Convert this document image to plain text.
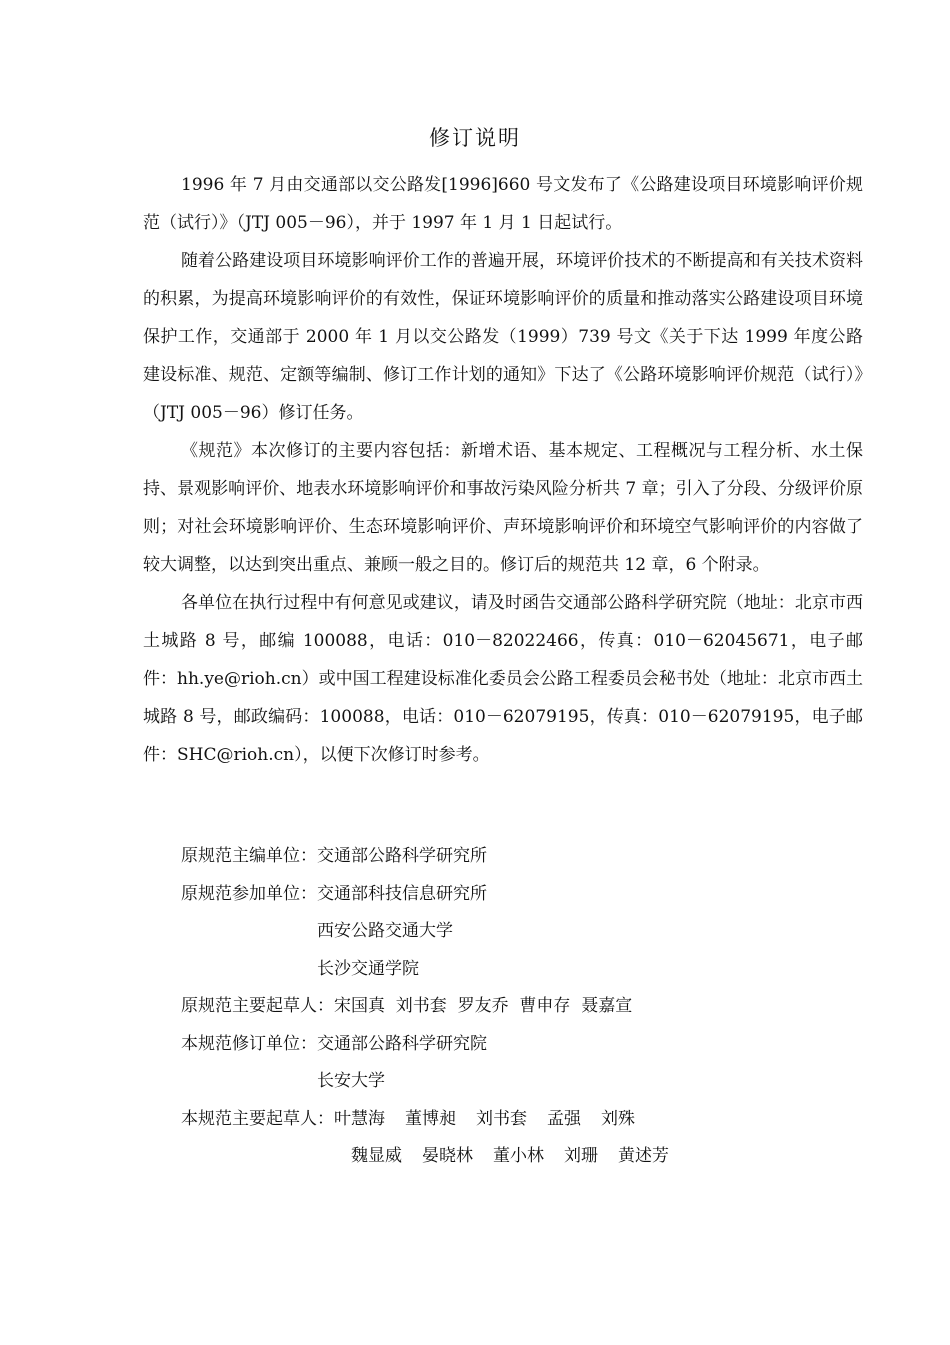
修订说明

1996 年 7 月由交通部以交公路发[1996]660 号文发布了《公路建设项目环境影响评价规范（试行）》（JTJ 005－96），并于 1997 年 1 月 1 日起试行。

随着公路建设项目环境影响评价工作的普遍开展，环境评价技术的不断提高和有关技术资料的积累，为提高环境影响评价的有效性，保证环境影响评价的质量和推动落实公路建设项目环境保护工作，交通部于 2000 年 1 月以交公路发（1999）739 号文《关于下达 1999 年度公路建设标准、规范、定额等编制、修订工作计划的通知》下达了《公路环境影响评价规范（试行）》（JTJ 005－96）修订任务。

《规范》本次修订的主要内容包括：新增术语、基本规定、工程概况与工程分析、水土保持、景观影响评价、地表水环境影响评价和事故污染风险分析共 7 章；引入了分段、分级评价原则；对社会环境影响评价、生态环境影响评价、声环境影响评价和环境空气影响评价的内容做了较大调整，以达到突出重点、兼顾一般之目的。修订后的规范共 12 章，6 个附录。

各单位在执行过程中有何意见或建议，请及时函告交通部公路科学研究院（地址：北京市西土城路 8 号，邮编 100088，电话：010－82022466，传真：010－62045671，电子邮件：hh.ye@rioh.cn）或中国工程建设标准化委员会公路工程委员会秘书处（地址：北京市西土城路 8 号，邮政编码：100088，电话：010－62079195，传真：010－62079195，电子邮件：SHC@rioh.cn），以便下次修订时参考。

原规范主编单位： 交通部公路科学研究所
原规范参加单位： 交通部科技信息研究所
西安公路交通大学
长沙交通学院
原规范主要起草人： 宋国真  刘书套  罗友乔  曹申存  聂嘉宣
本规范修订单位： 交通部公路科学研究院
长安大学
本规范主要起草人： 叶慧海 董博昶 刘书套 孟强 刘殊
魏显威 晏晓林 董小林 刘珊 黄述芳
